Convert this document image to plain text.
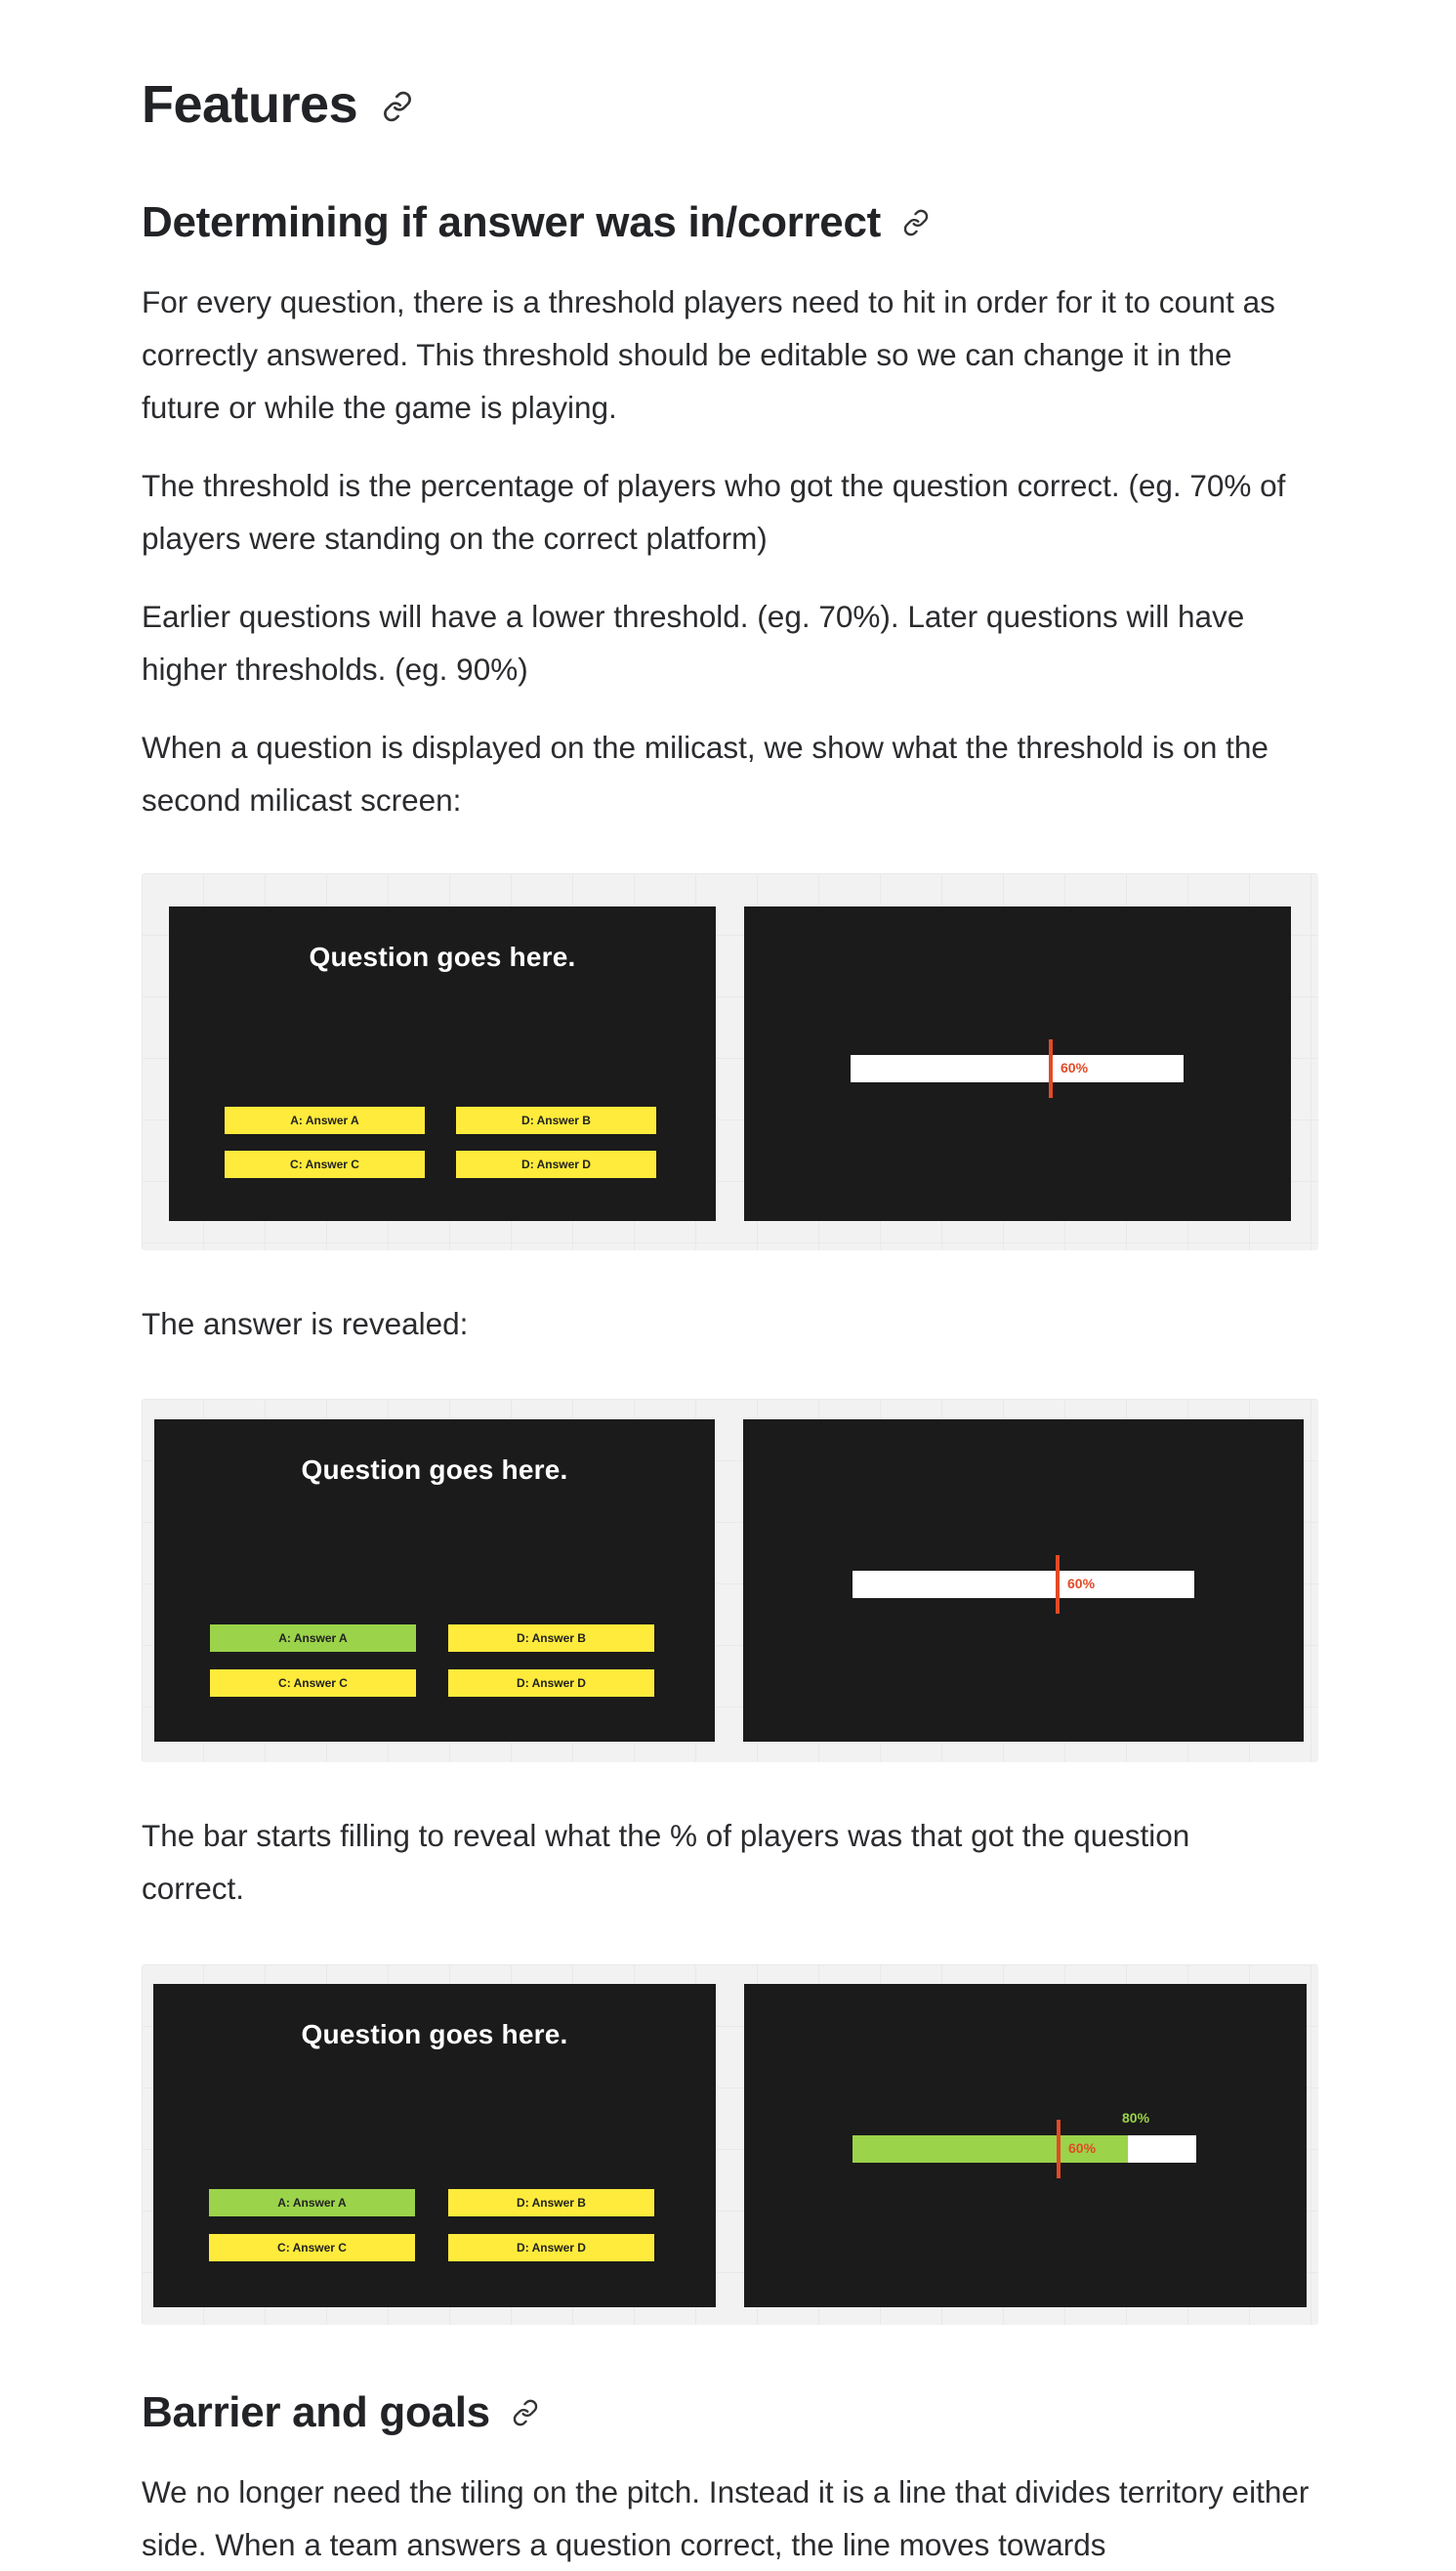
Features
Determining if answer was in/correct

For every question, there is a threshold players need to hit in order for it to count as correctly answered. This threshold should be editable so we can change it in the future or while the game is playing.

The threshold is the percentage of players who got the question correct. (eg. 70% of players were standing on the correct platform)

Earlier questions will have a lower threshold. (eg. 70%). Later questions will have higher thresholds. (eg. 90%)

When a question is displayed on the milicast, we show what the threshold is on the second milicast screen:

Question goes here.
A: Answer A	D: Answer B
C: Answer C	D: Answer D
60%

The answer is revealed:

Question goes here.
A: Answer A	D: Answer B
C: Answer C	D: Answer D
60%

The bar starts filling to reveal what the % of players was that got the question correct.

Question goes here.
A: Answer A	D: Answer B
C: Answer C	D: Answer D
60%
80%
Barrier and goals

We no longer need the tiling on the pitch. Instead it is a line that divides territory either side. When a team answers a question correct, the line moves towards
